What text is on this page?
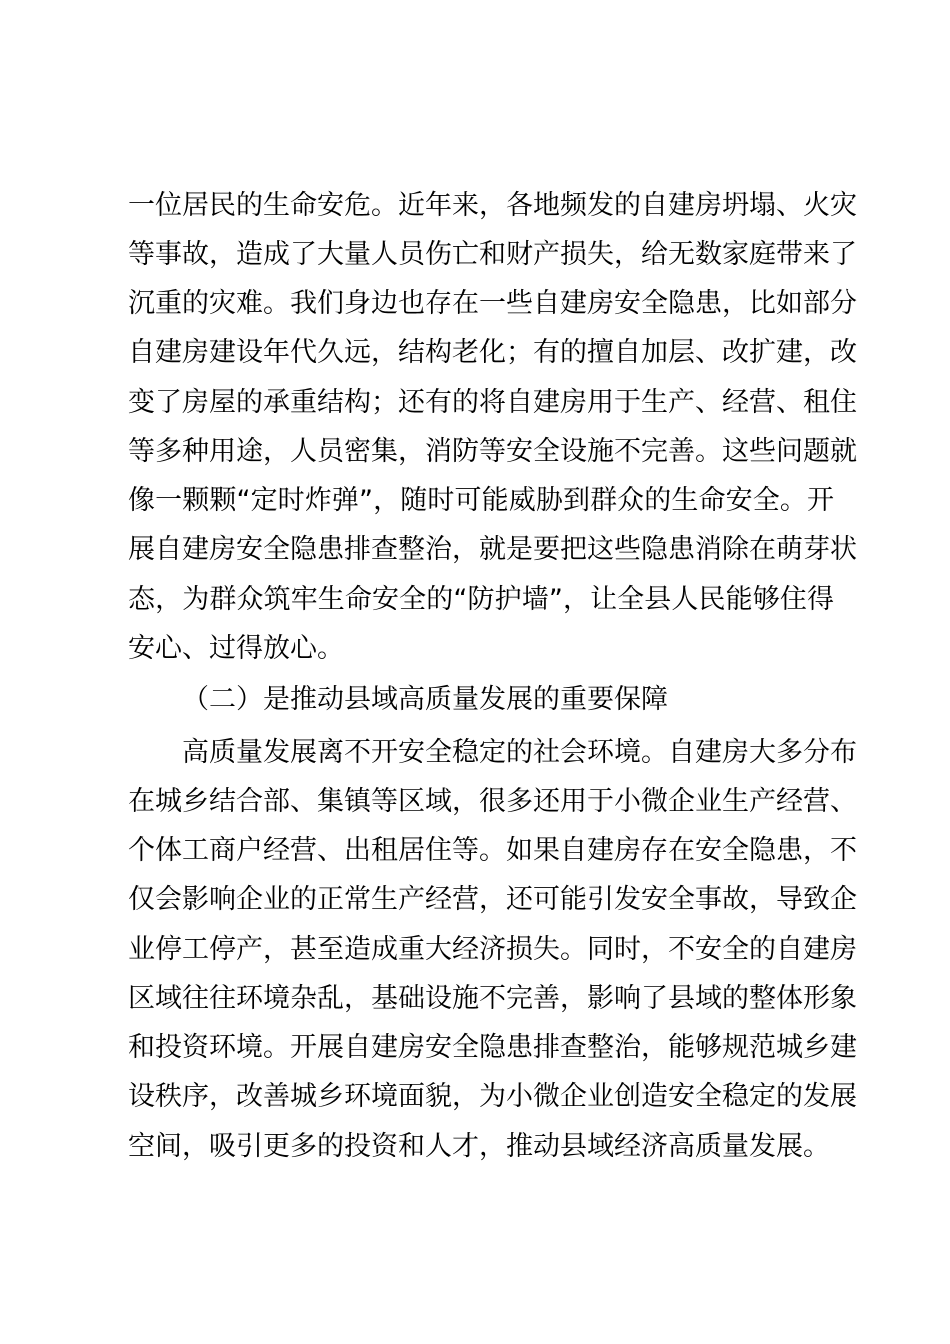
一位居民的生命安危。近年来，各地频发的自建房坍塌、火灾
等事故，造成了大量人员伤亡和财产损失，给无数家庭带来了
沉重的灾难。我们身边也存在一些自建房安全隐患，比如部分
自建房建设年代久远，结构老化；有的擅自加层、改扩建，改
变了房屋的承重结构；还有的将自建房用于生产、经营、租住
等多种用途，人员密集，消防等安全设施不完善。这些问题就
像一颗颗“定时炸弹”，随时可能威胁到群众的生命安全。开
展自建房安全隐患排查整治，就是要把这些隐患消除在萌芽状
态，为群众筑牢生命安全的“防护墙”，让全县人民能够住得
安心、过得放心。
（二）是推动县域高质量发展的重要保障
高质量发展离不开安全稳定的社会环境。自建房大多分布
在城乡结合部、集镇等区域，很多还用于小微企业生产经营、
个体工商户经营、出租居住等。如果自建房存在安全隐患，不
仅会影响企业的正常生产经营，还可能引发安全事故，导致企
业停工停产，甚至造成重大经济损失。同时，不安全的自建房
区域往往环境杂乱，基础设施不完善，影响了县域的整体形象
和投资环境。开展自建房安全隐患排查整治，能够规范城乡建
设秩序，改善城乡环境面貌，为小微企业创造安全稳定的发展
空间，吸引更多的投资和人才，推动县域经济高质量发展。
